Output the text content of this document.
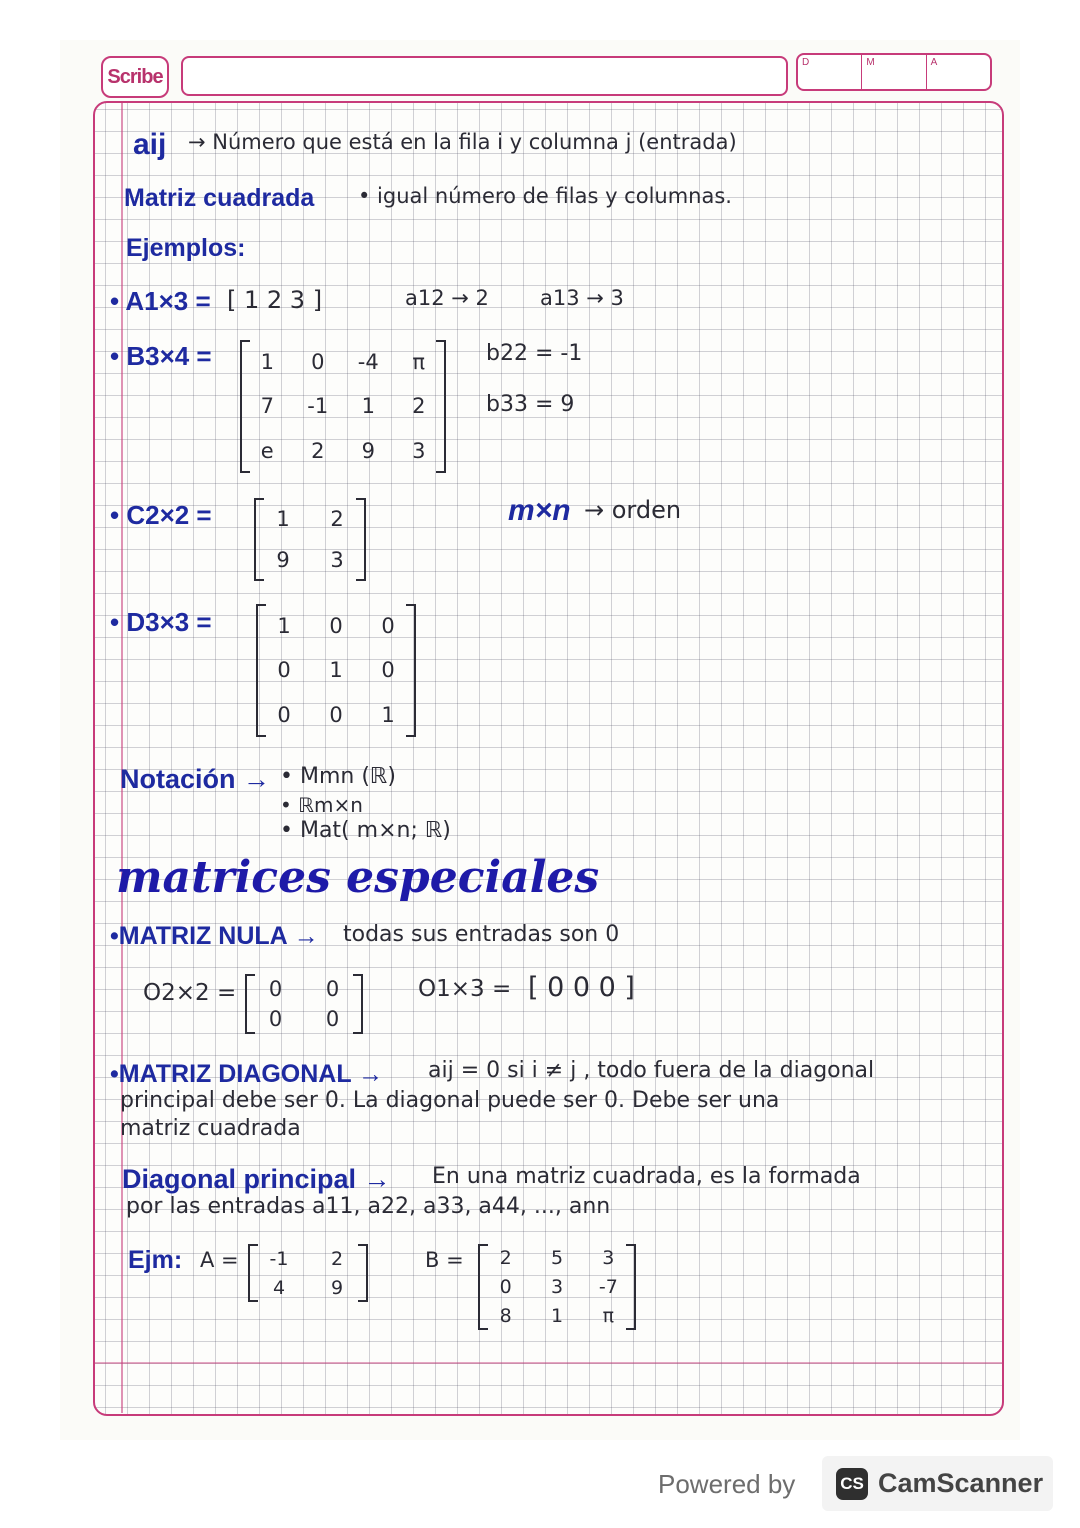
Scribe
D	M	A
aij → Número que está en la fila i y columna j (entrada)
Matriz cuadrada • igual número de filas y columnas.
Ejemplos:
• A1×3 = [ 1 2 3 ]	a12 → 2 a13 → 3
• B3×4 = 1 0 -4 π
7 -1 1 2
e 2 9 3
b22 = -1
b33 = 9
• C2×2 =	1 2
9 3
m×n → orden
• D3×3 =	1 0 0
0 1 0
0 0 1
Notación → • Mmn (ℝ)
• ℝm×n
• Mat( m×n; ℝ)
matrices especiales
•MATRIZ NULA → todas sus entradas son 0
O2×2 = 0 0
0 0
O1×3 = [ 0 0 0 ]
•MATRIZ DIAGONAL → aij = 0 si i ≠ j , todo fuera de la diagonal
principal debe ser 0. La diagonal puede ser 0. Debe ser una
matriz cuadrada
Diagonal principal → En una matriz cuadrada, es la formada
por las entradas a11, a22, a33, a44, ..., ann
Ejm: A = -1 2
4 9
B = 2 5 3
0 3 -7
8 1 π
Powered by	CS CamScanner
